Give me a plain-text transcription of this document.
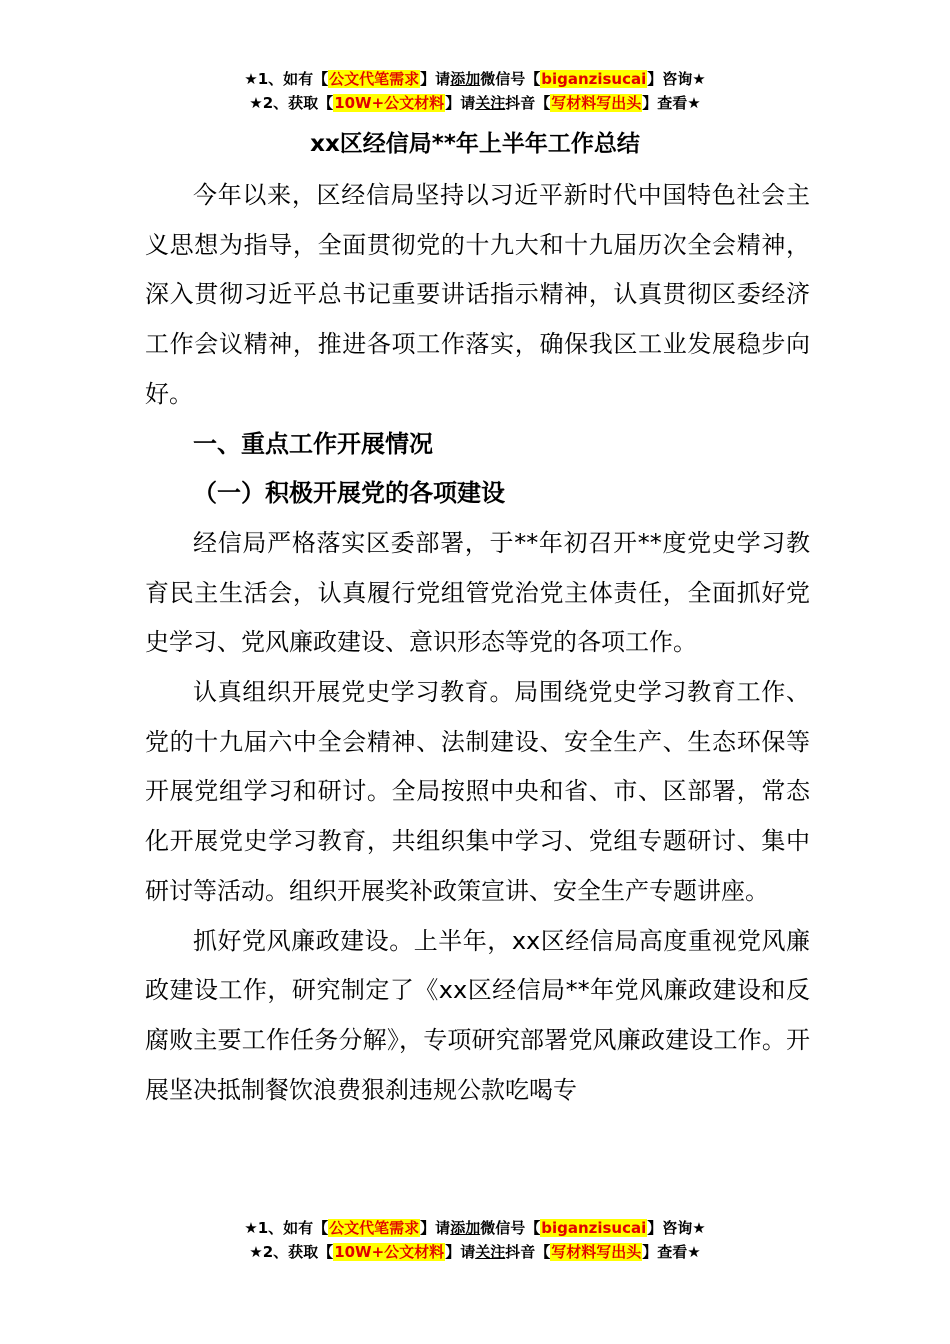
★1、如有【公文代笔需求】请添加微信号【biganzisucai】咨询★
★2、获取【10W+公文材料】请关注抖音【写材料写出头】查看★
xx区经信局**年上半年工作总结

今年以来，区经信局坚持以习近平新时代中国特色社会主义思想为指导，全面贯彻党的十九大和十九届历次全会精神，深入贯彻习近平总书记重要讲话指示精神，认真贯彻区委经济工作会议精神，推进各项工作落实，确保我区工业发展稳步向好。

一、重点工作开展情况

（一）积极开展党的各项建设

经信局严格落实区委部署，于**年初召开**度党史学习教育民主生活会，认真履行党组管党治党主体责任，全面抓好党史学习、党风廉政建设、意识形态等党的各项工作。

认真组织开展党史学习教育。局围绕党史学习教育工作、党的十九届六中全会精神、法制建设、安全生产、生态环保等开展党组学习和研讨。全局按照中央和省、市、区部署，常态化开展党史学习教育，共组织集中学习、党组专题研讨、集中研讨等活动。组织开展奖补政策宣讲、安全生产专题讲座。

抓好党风廉政建设。上半年，xx区经信局高度重视党风廉政建设工作，研究制定了《xx区经信局**年党风廉政建设和反腐败主要工作任务分解》，专项研究部署党风廉政建设工作。开展坚决抵制餐饮浪费狠刹违规公款吃喝专

★1、如有【公文代笔需求】请添加微信号【biganzisucai】咨询★
★2、获取【10W+公文材料】请关注抖音【写材料写出头】查看★
